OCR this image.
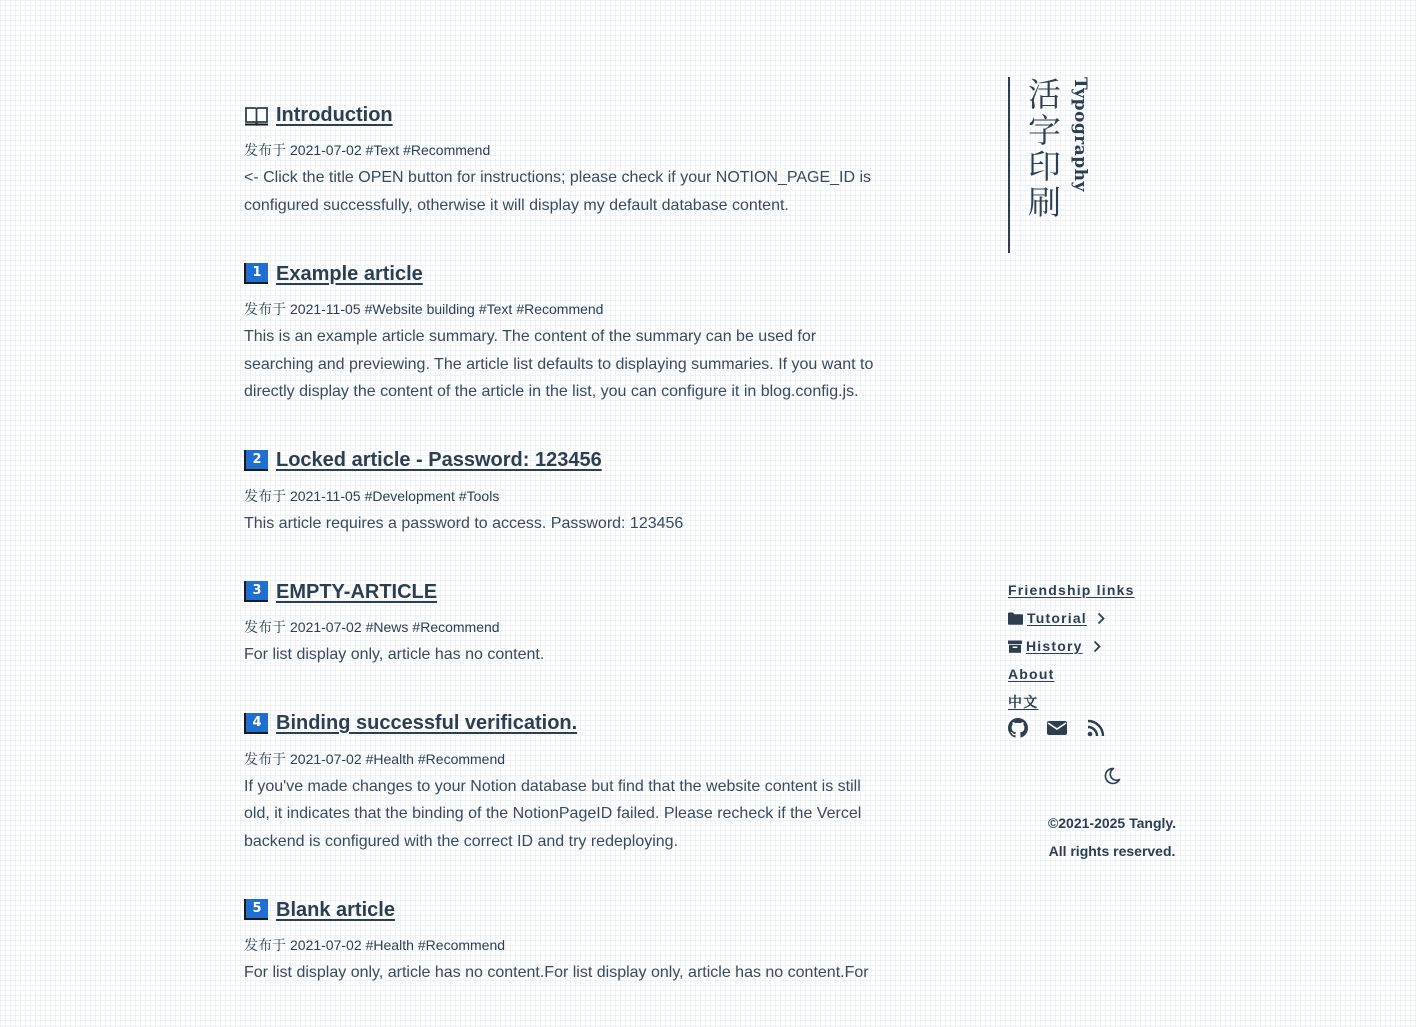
Introduction
发布于 2021-07-02 #Text #Recommend

<- Click the title OPEN button for instructions; please check if your NOTION_PAGE_ID is configured successfully, otherwise it will display my default database content.

1 Example article
发布于 2021-11-05 #Website building #Text #Recommend

This is an example article summary. The content of the summary can be used for searching and previewing. The article list defaults to displaying summaries. If you want to directly display the content of the article in the list, you can configure it in blog.config.js.

2 Locked article - Password: 123456
发布于 2021-11-05 #Development #Tools

This article requires a password to access. Password: 123456

3 EMPTY-ARTICLE
发布于 2021-07-02 #News #Recommend

For list display only, article has no content.

4 Binding successful verification.
发布于 2021-07-02 #Health #Recommend

If you've made changes to your Notion database but find that the website content is still old, it indicates that the binding of the NotionPageID failed. Please recheck if the Vercel backend is configured with the correct ID and try redeploying.

5 Blank article
发布于 2021-07-02 #Health #Recommend

For list display only, article has no content.For list display only, article has no content.For

活字印刷
Typography
Friendship links
Tutorial
History
About
中文
©2021-2025 Tangly.
All rights reserved.
